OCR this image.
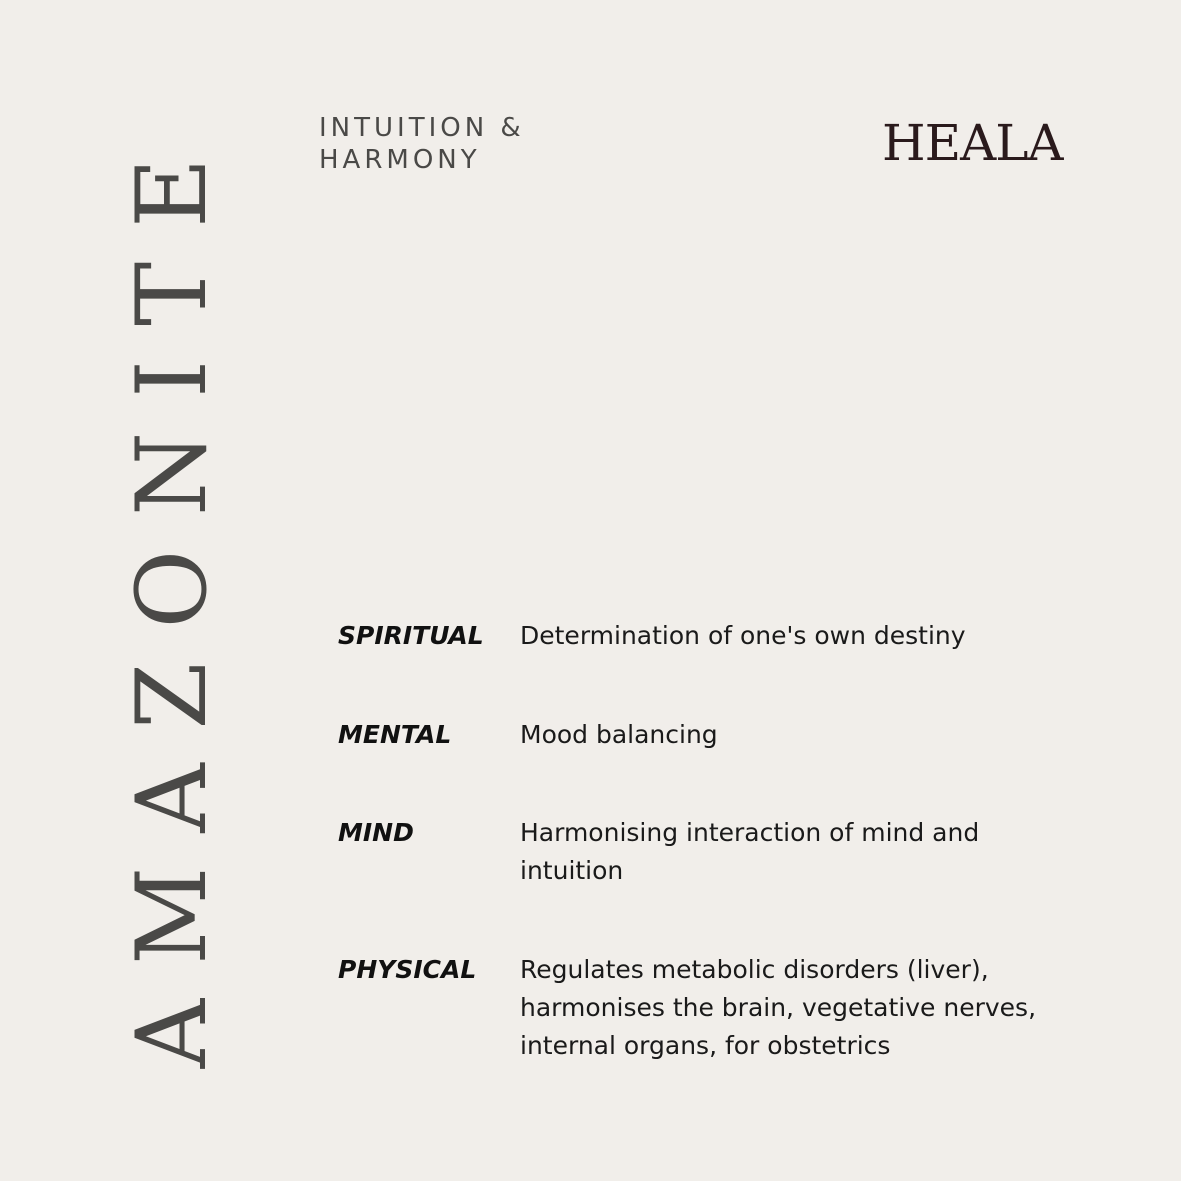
AMAZONITE	INTUITION &
HARMONY	HEALA
SPIRITUAL	Determination of one's own destiny
MENTAL	Mood balancing
MIND	Harmonising interaction of mind and intuition
PHYSICAL	Regulates metabolic disorders (liver), harmonises the brain, vegetative nerves, internal organs, for obstetrics
